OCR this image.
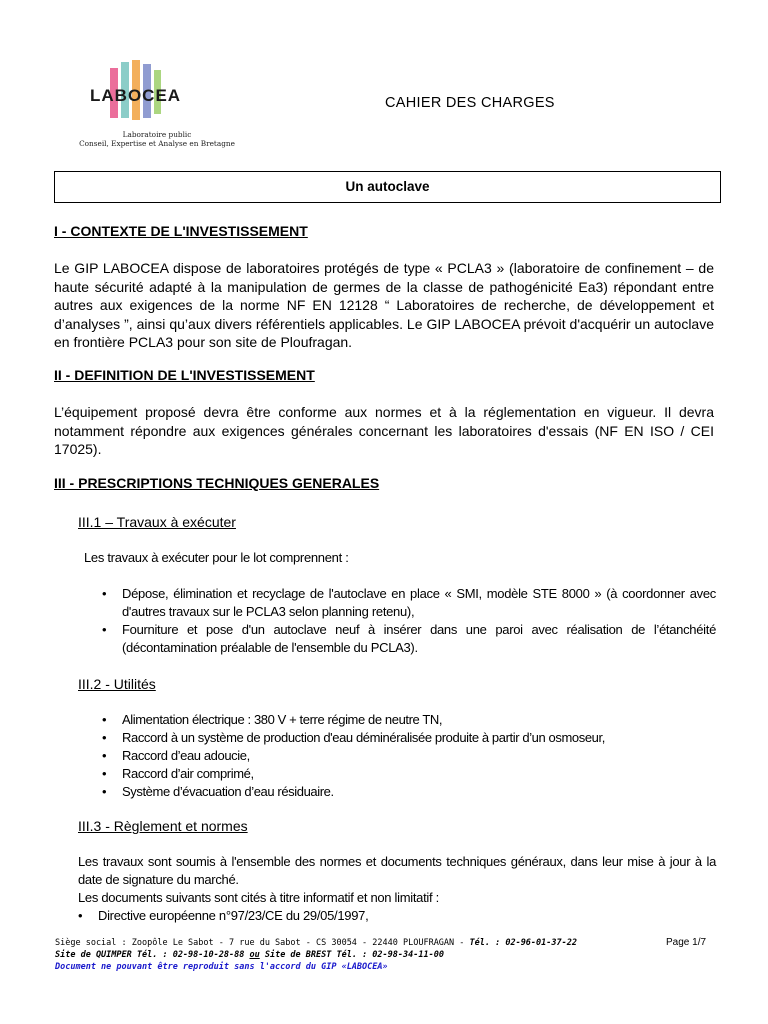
LABOCEA
Laboratoire public
Conseil, Expertise et Analyse en Bretagne
CAHIER DES CHARGES
Un autoclave
I - CONTEXTE DE L'INVESTISSEMENT
Le GIP LABOCEA dispose de laboratoires protégés de type « PCLA3 » (laboratoire de confinement – de haute sécurité adapté à la manipulation de germes de la classe de pathogénicité Ea3) répondant entre autres aux exigences de la norme NF EN 12128 “ Laboratoires de recherche, de développement et d’analyses ”, ainsi qu’aux divers référentiels applicables. Le GIP LABOCEA prévoit d'acquérir un autoclave en frontière PCLA3 pour son site de Ploufragan.
II - DEFINITION DE L'INVESTISSEMENT
L’équipement proposé devra être conforme aux normes et à la réglementation en vigueur. Il devra notamment répondre aux exigences générales concernant les laboratoires d'essais (NF EN ISO / CEI 17025).
III - PRESCRIPTIONS TECHNIQUES GENERALES
III.1 – Travaux à exécuter
Les travaux à exécuter pour le lot comprennent :
• Dépose, élimination et recyclage de l'autoclave en place « SMI, modèle STE 8000 » (à coordonner avec d'autres travaux sur le PCLA3 selon planning retenu),
• Fourniture et pose d'un autoclave neuf à insérer dans une paroi avec réalisation de l’étanchéité (décontamination préalable de l'ensemble du PCLA3).
III.2 - Utilités
• Alimentation électrique : 380 V + terre régime de neutre TN,
• Raccord à un système de production d'eau déminéralisée produite à partir d’un osmoseur,
• Raccord d’eau adoucie,
• Raccord d’air comprimé,
• Système d’évacuation d’eau résiduaire.
III.3 - Règlement et normes
Les travaux sont soumis à l'ensemble des normes et documents techniques généraux, dans leur mise à jour à la date de signature du marché.
Les documents suivants sont cités à titre informatif et non limitatif :
• Directive européenne n°97/23/CE du 29/05/1997,
Siège social : Zoopôle Le Sabot - 7 rue du Sabot - CS 30054 - 22440 PLOUFRAGAN - Tél. : 02-96-01-37-22
Site de QUIMPER Tél. : 02-98-10-28-88 ou Site de BREST Tél. : 02-98-34-11-00
Document ne pouvant être reproduit sans l'accord du GIP «LABOCEA»
Page 1/7
